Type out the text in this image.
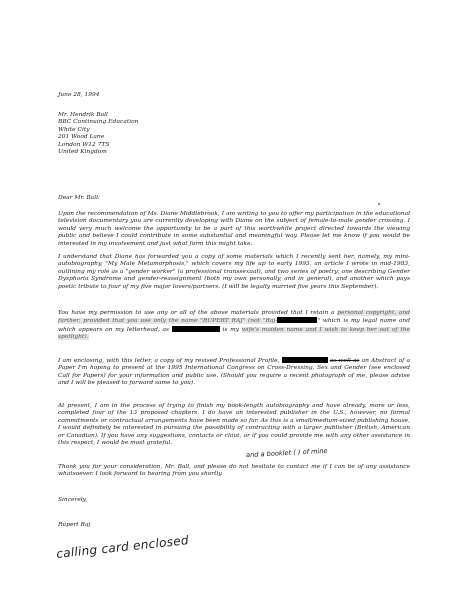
June 28, 1994

Mr. Hendrik Ball
BBC Continuing Education
White City
201 Wood Lane
London W12 7TS
United Kingdom

Dear Mr. Ball:

Upon the recommendation of Ms. Diane Middlebrook, I am writing to you to offer my participation in the educational television documentary you are currently developing with Diane on the subject of female-to-male gender crossing. I would very much welcome the opportunity to be a part of this worthwhile project directed towards the viewing public and believe I could contribute in some substantial and meaningful way. Please let me know if you would be interested in my involvement and just what form this might take.

I understand that Diane has forwarded you a copy of some materials which I recently sent her, namely, my mini-autobiography, "My Male Metamorphosis," which covers my life up to early 1993, an article I wrote in mid-1983, outlining my role as a "gender worker" (a professional transsexual), and two series of poetry: one describing Gender Dysphoria Syndrome and gender-reassignment (both my own personally, and in general), and another which pays poetic tribute to four of my five major lovers/partners. (I will be legally married five years this September).

You have my permission to use any or all of the above materials provided that I retain a personal copyright, and further, provided that you use only the name "RUPERT RAJ" (not "Raj-	" which is my legal name and which appears on my letterhead, as	is my wife's maiden name and I wish to keep her out of the spotlight).

I am enclosing, with this letter, a copy of my revised Professional Profile,	as well as an Abstract of a Paper I'm hoping to present at the 1995 International Congress on Cross-Dressing, Sex and Gender (see enclosed Call for Papers) for your information and public use. (Should you require a recent photograph of me, please advise and I will be pleased to forward same to you).

and a booklet ( ) of mine

At present, I am in the process of trying to finish my book-length autobiography and have already, more or less, completed four of the 13 proposed chapters. I do have an interested publisher in the U.S., however, no formal commitments or contractual arrangements have been made so far. As this is a small/medium-sized publishing house, I would definitely be interested in pursuing the possibility of contracting with a larger publisher (British, American or Canadian). If you have any suggestions, contacts or clout, or if you could provide me with any other assistance in this respect, I would be most grateful.

Thank you for your consideration, Mr. Ball, and please do not hesitate to contact me if I can be of any assistance whatsoever. I look forward to hearing from you shortly.

Sincerely,

Rupert Raj

calling card enclosed
